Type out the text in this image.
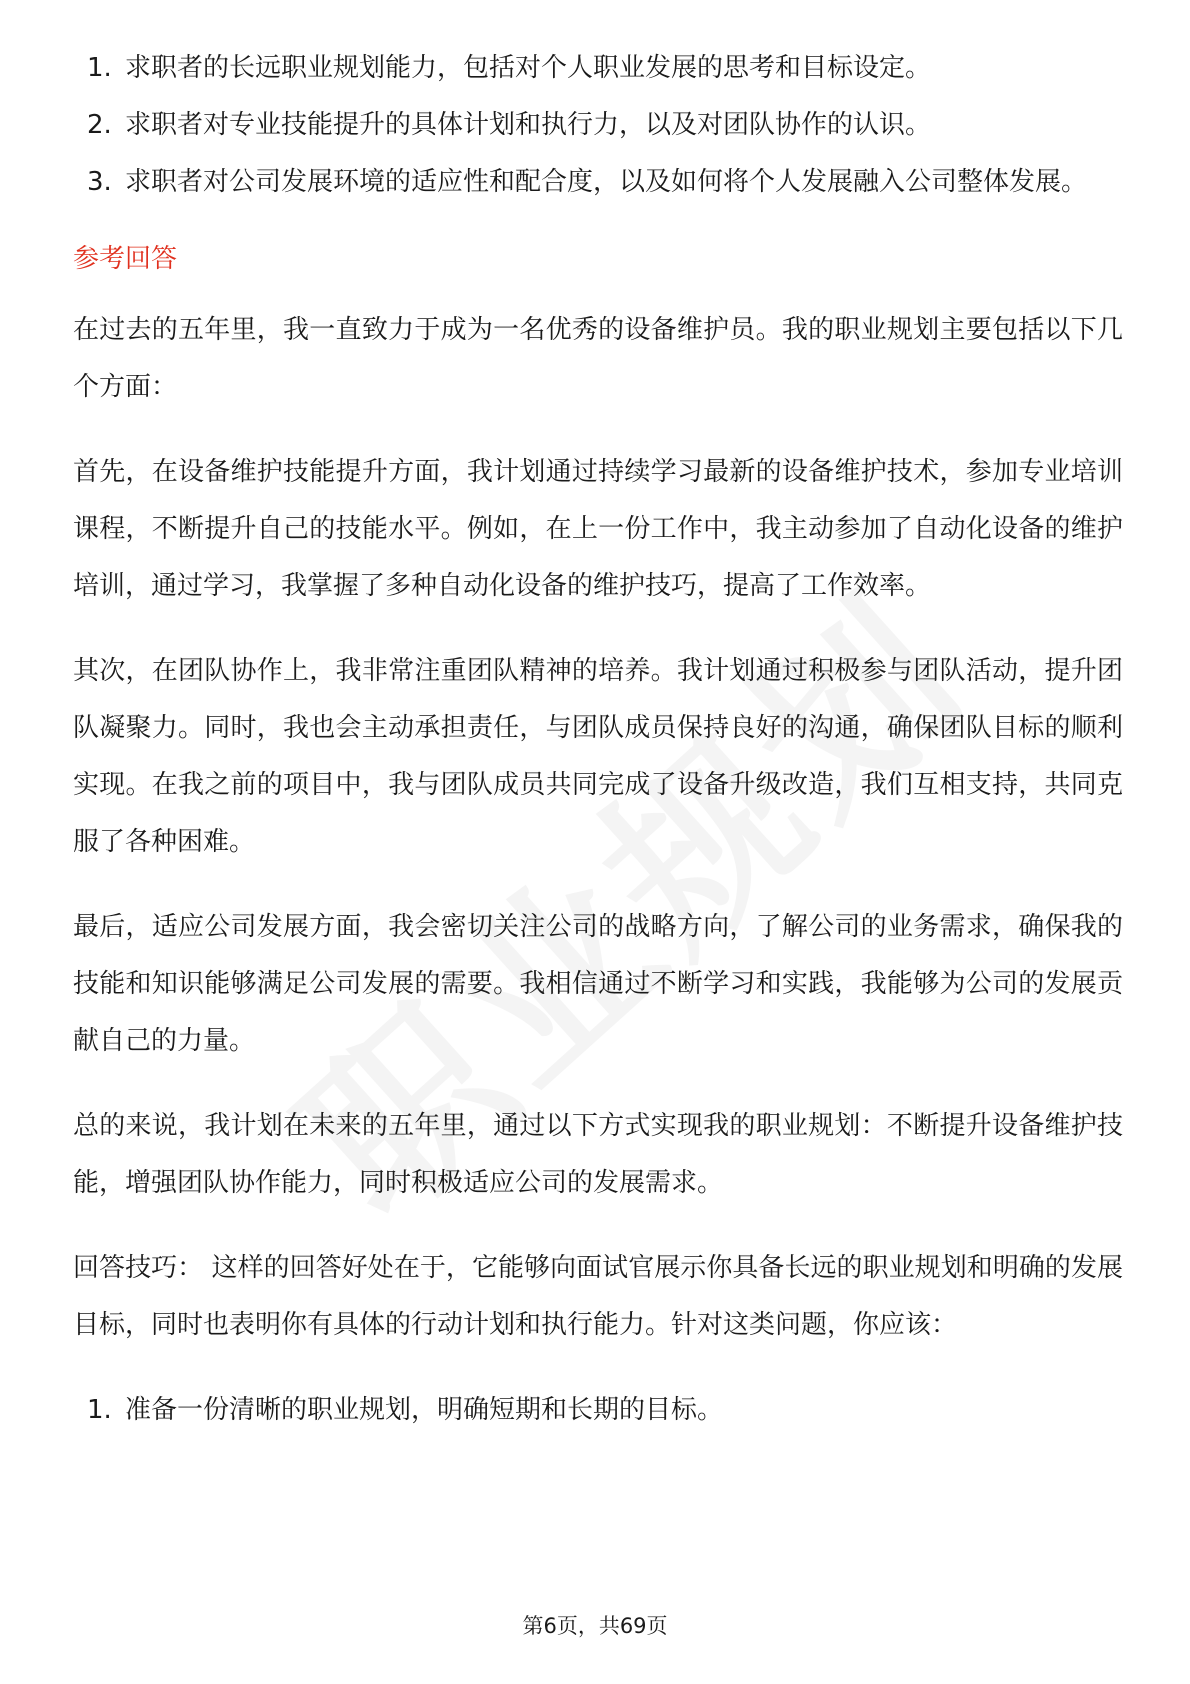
1. 求职者的长远职业规划能力，包括对个人职业发展的思考和目标设定。
2. 求职者对专业技能提升的具体计划和执行力，以及对团队协作的认识。
3. 求职者对公司发展环境的适应性和配合度，以及如何将个人发展融入公司整体发展。
参考回答

在过去的五年里，我一直致力于成为一名优秀的设备维护员。我的职业规划主要包括以下几个方面：

首先，在设备维护技能提升方面，我计划通过持续学习最新的设备维护技术，参加专业培训课程，不断提升自己的技能水平。例如，在上一份工作中，我主动参加了自动化设备的维护培训，通过学习，我掌握了多种自动化设备的维护技巧，提高了工作效率。

其次，在团队协作上，我非常注重团队精神的培养。我计划通过积极参与团队活动，提升团队凝聚力。同时，我也会主动承担责任，与团队成员保持良好的沟通，确保团队目标的顺利实现。在我之前的项目中，我与团队成员共同完成了设备升级改造，我们互相支持，共同克服了各种困难。

最后，适应公司发展方面，我会密切关注公司的战略方向，了解公司的业务需求，确保我的技能和知识能够满足公司发展的需要。我相信通过不断学习和实践，我能够为公司的发展贡献自己的力量。

总的来说，我计划在未来的五年里，通过以下方式实现我的职业规划：不断提升设备维护技能，增强团队协作能力，同时积极适应公司的发展需求。

回答技巧： 这样的回答好处在于，它能够向面试官展示你具备长远的职业规划和明确的发展目标，同时也表明你有具体的行动计划和执行能力。针对这类问题，你应该：

1. 准备一份清晰的职业规划，明确短期和长期的目标。
第6页，共69页
